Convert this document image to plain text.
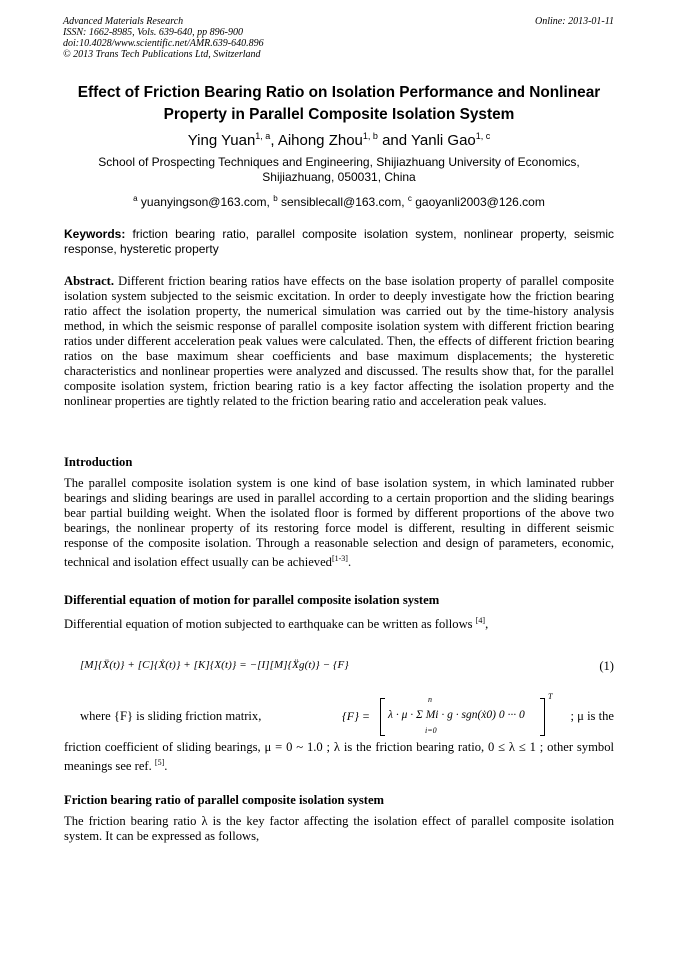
Advanced Materials Research
ISSN: 1662-8985, Vols. 639-640, pp 896-900
doi:10.4028/www.scientific.net/AMR.639-640.896
© 2013 Trans Tech Publications Ltd, Switzerland
Online: 2013-01-11
Effect of Friction Bearing Ratio on Isolation Performance and Nonlinear
Property in Parallel Composite Isolation System
Ying Yuan$^{1, a}$, Aihong Zhou$^{1, b}$ and Yanli Gao$^{1, c}$
School of Prospecting Techniques and Engineering, Shijiazhuang University of Economics, Shijiazhuang, 050031, China
$^a$ yuanyingson@163.com, $^b$ sensiblecall@163.com, $^c$ gaoyanli2003@126.com
Keywords: friction bearing ratio, parallel composite isolation system, nonlinear property, seismic response, hysteretic property
Abstract. Different friction bearing ratios have effects on the base isolation property of parallel composite isolation system subjected to the seismic excitation. In order to deeply investigate how the friction bearing ratio affect the isolation property, the numerical simulation was carried out by the time-history analysis method, in which the seismic response of parallel composite isolation system with different friction bearing ratios under different acceleration peak values were calculated. Then, the effects of different friction bearing ratios on the base maximum shear coefficients and base maximum displacements; the hysteretic characteristics and nonlinear properties were analyzed and discussed. The results show that, for the parallel composite isolation system, friction bearing ratio is a key factor affecting the isolation property and the nonlinear properties are tightly related to the friction bearing ratio and acceleration peak values.
Introduction
The parallel composite isolation system is one kind of base isolation system, in which laminated rubber bearings and sliding bearings are used in parallel according to a certain proportion and the sliding bearings bear partial building weight. When the isolated floor is formed by different proportions of the above two bearings, the nonlinear property of its restoring force model is different, resulting in different seismic response of the composite isolation. Through a reasonable selection and design of parameters, economic, technical and isolation effect usually can be achieved[1-3].
Differential equation of motion for parallel composite isolation system
Differential equation of motion subjected to earthquake can be written as follows [4],
[M]{Ẍ(t)} + [C]{Ẋ(t)} + [K]{X(t)} = −[I][M]{Ẍg(t)} − {F}	(1)
where {F} is sliding friction matrix,	{F} = λ · μ · Σ Mi · g · sgn(ẋ0) 0 ··· 0
n
i=0
T
; μ is the
friction coefficient of sliding bearings, μ = 0 ~ 1.0 ; λ is the friction bearing ratio, 0 ≤ λ ≤ 1 ; other symbol meanings see ref. [5].
Friction bearing ratio of parallel composite isolation system
The friction bearing ratio λ is the key factor affecting the isolation effect of parallel composite isolation system. It can be expressed as follows,
